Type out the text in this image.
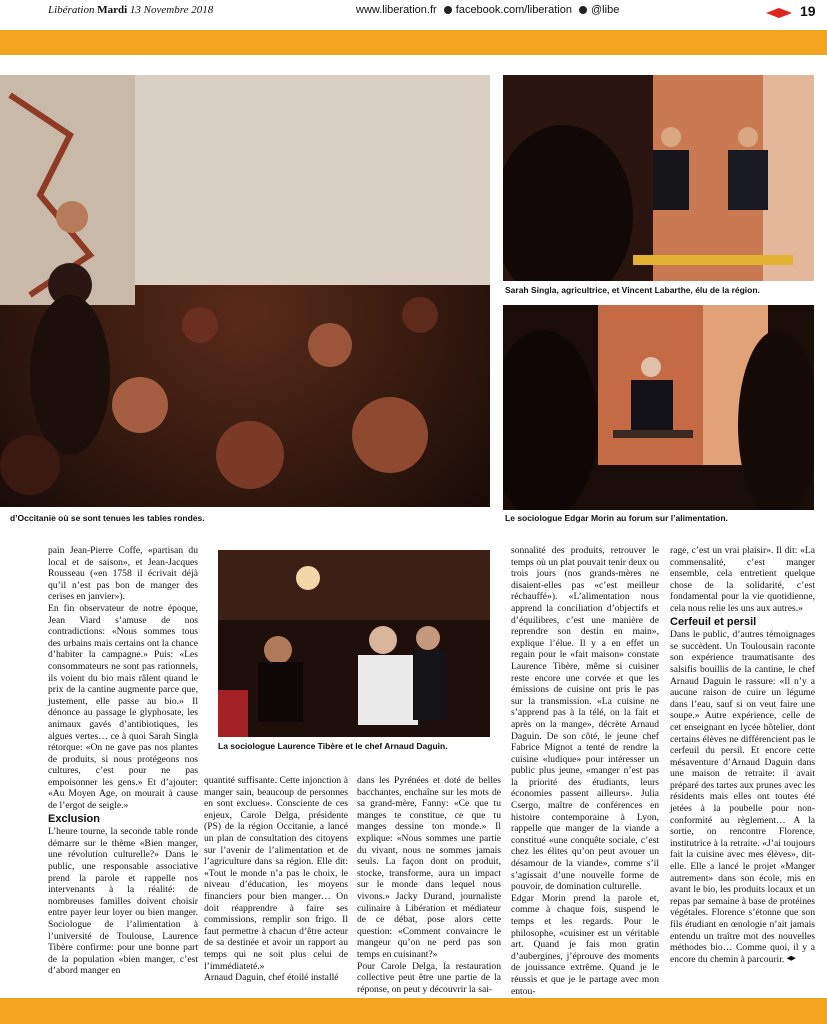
Libération Mardi 13 Novembre 2018	www.liberation.fr facebook.com/liberation @libe	19
d’Occitanie où se sont tenues les tables rondes.
Sarah Singla, agricultrice, et Vincent Labarthe, élu de la région.
Le sociologue Edgar Morin au forum sur l’alimentation.
La sociologue Laurence Tibère et le chef Arnaud Daguin.

pain Jean-Pierre Coffe, «partisan du local et de saison», et Jean-Jacques Rousseau («en 1758 il écrivait déjà qu’il n’est pas bon de manger des cerises en janvier»).

En fin observateur de notre époque, Jean Viard s’amuse de nos contradictions: «Nous sommes tous des urbains mais certains ont la chance d’habiter la campagne.» Puis: «Les consommateurs ne sont pas rationnels, ils voient du bio mais râlent quand le prix de la cantine augmente parce que, justement, elle passe au bio.» Il dénonce au passage le glyphosate, les animaux gavés d’antibiotiques, les algues vertes… ce à quoi Sarah Singla rétorque: «On ne gave pas nos plantes de produits, si nous protégeons nos cultures, c’est pour ne pas empoisonner les gens.» Et d’ajouter: «Au Moyen Age, on mourait à cause de l’ergot de seigle.»

Exclusion

L’heure tourne, la seconde table ronde démarre sur le thème «Bien manger, une révolution culturelle?» Dans le public, une responsable associative prend la parole et rappelle nos intervenants à la réalité: de nombreuses familles doivent choisir entre payer leur loyer ou bien manger. Sociologue de l’alimentation à l’université de Toulouse, Laurence Tibère confirme: pour une bonne part de la population «bien manger, c’est d’abord manger en

quantité suffisante. Cette injonction à manger sain, beaucoup de personnes en sont exclues». Consciente de ces enjeux, Carole Delga, présidente (PS) de la région Occitanie, a lancé un plan de consultation des citoyens sur l’avenir de l’alimentation et de l’agriculture dans sa région. Elle dit: «Tout le monde n’a pas le choix, le niveau d’éducation, les moyens financiers pour bien manger… On doit réapprendre à faire ses commissions, remplir son frigo. Il faut permettre à chacun d’être acteur de sa destinée et avoir un rapport au temps qui ne soit plus celui de l’immédiateté.»
Arnaud Daguin, chef étoilé installé
dans les Pyrénées et doté de belles bacchantes, enchaîne sur les mots de sa grand-mère, Fanny: «Ce que tu manges te constitue, ce que tu manges dessine ton monde.» Il explique: «Nous sommes une partie du vivant, nous ne sommes jamais seuls. La façon dont on produit, stocke, transforme, aura un impact sur le monde dans lequel nous vivons.» Jacky Durand, journaliste culinaire à Libération et médiateur de ce débat, pose alors cette question: «Comment convaincre le mangeur qu’on ne perd pas son temps en cuisinant?»
Pour Carole Delga, la restauration collective peut être une partie de la réponse, on peut y découvrir la sai-
sonnalité des produits, retrouver le temps où un plat pouvait tenir deux ou trois jours (nos grands-mères ne disaient-elles pas «c’est meilleur réchauffé»). «L’alimentation nous apprend la conciliation d’objectifs et d’équilibres, c’est une manière de reprendre son destin en main», explique l’élue. Il y a en effet un regain pour le «fait maison» constate Laurence Tibère, même si cuisiner reste encore une corvée et que les émissions de cuisine ont pris le pas sur la transmission. «La cuisine ne s’apprend pas à la télé, on la fait et après on la mange», décrète Arnaud Daguin. De son côté, le jeune chef Fabrice Mignot a tenté de rendre la cuisine «ludique» pour intéresser un public plus jeune, «manger n’est pas la priorité des étudiants, leurs économies passent ailleurs». Julia Csergo, maître de conférences en histoire contemporaine à Lyon, rappelle que manger de la viande a constitué «une conquête sociale, c’est chez les élites qu’on peut avouer un désamour de la viande», comme s’il s’agissait d’une nouvelle forme de pouvoir, de domination culturelle.
Edgar Morin prend la parole et, comme à chaque fois, suspend le temps et les regards. Pour le philosophe, «cuisiner est un véritable art. Quand je fais mon gratin d’aubergines, j’éprouve des moments de jouissance extrême. Quand je le réussis et que je le partage avec mon entou-

rage, c’est un vrai plaisir». Il dit: «La commensalité, c’est manger ensemble, cela entretient quelque chose de la solidarité, c’est fondamental pour la vie quotidienne, cela nous relie les uns aux autres.»

Cerfeuil et persil

Dans le public, d’autres témoignages se succèdent. Un Toulousain raconte son expérience traumatisante des salsifis bouillis de la cantine, le chef Arnaud Daguin le rassure: «Il n’y a aucune raison de cuire un légume dans l’eau, sauf si on veut faire une soupe.» Autre expérience, celle de cet enseignant en lycée hôtelier, dont certains élèves ne différencient pas le cerfeuil du persil. Et encore cette mésaventure d’Arnaud Daguin dans une maison de retraite: il avait préparé des tartes aux prunes avec les résidents mais elles ont toutes été jetées à la poubelle pour non-conformité au règlement… A la sortie, on rencontre Florence, institutrice à la retraite. «J’ai toujours fait la cuisine avec mes élèves», dit-elle. Elle a lancé le projet «Manger autrement» dans son école, mis en avant le bio, les produits locaux et un repas par semaine à base de protéines végétales. Florence s’étonne que son fils étudiant en œnologie n’ait jamais entendu un traître mot des nouvelles méthodes bio… Comme quoi, il y a encore du chemin à parcourir.
